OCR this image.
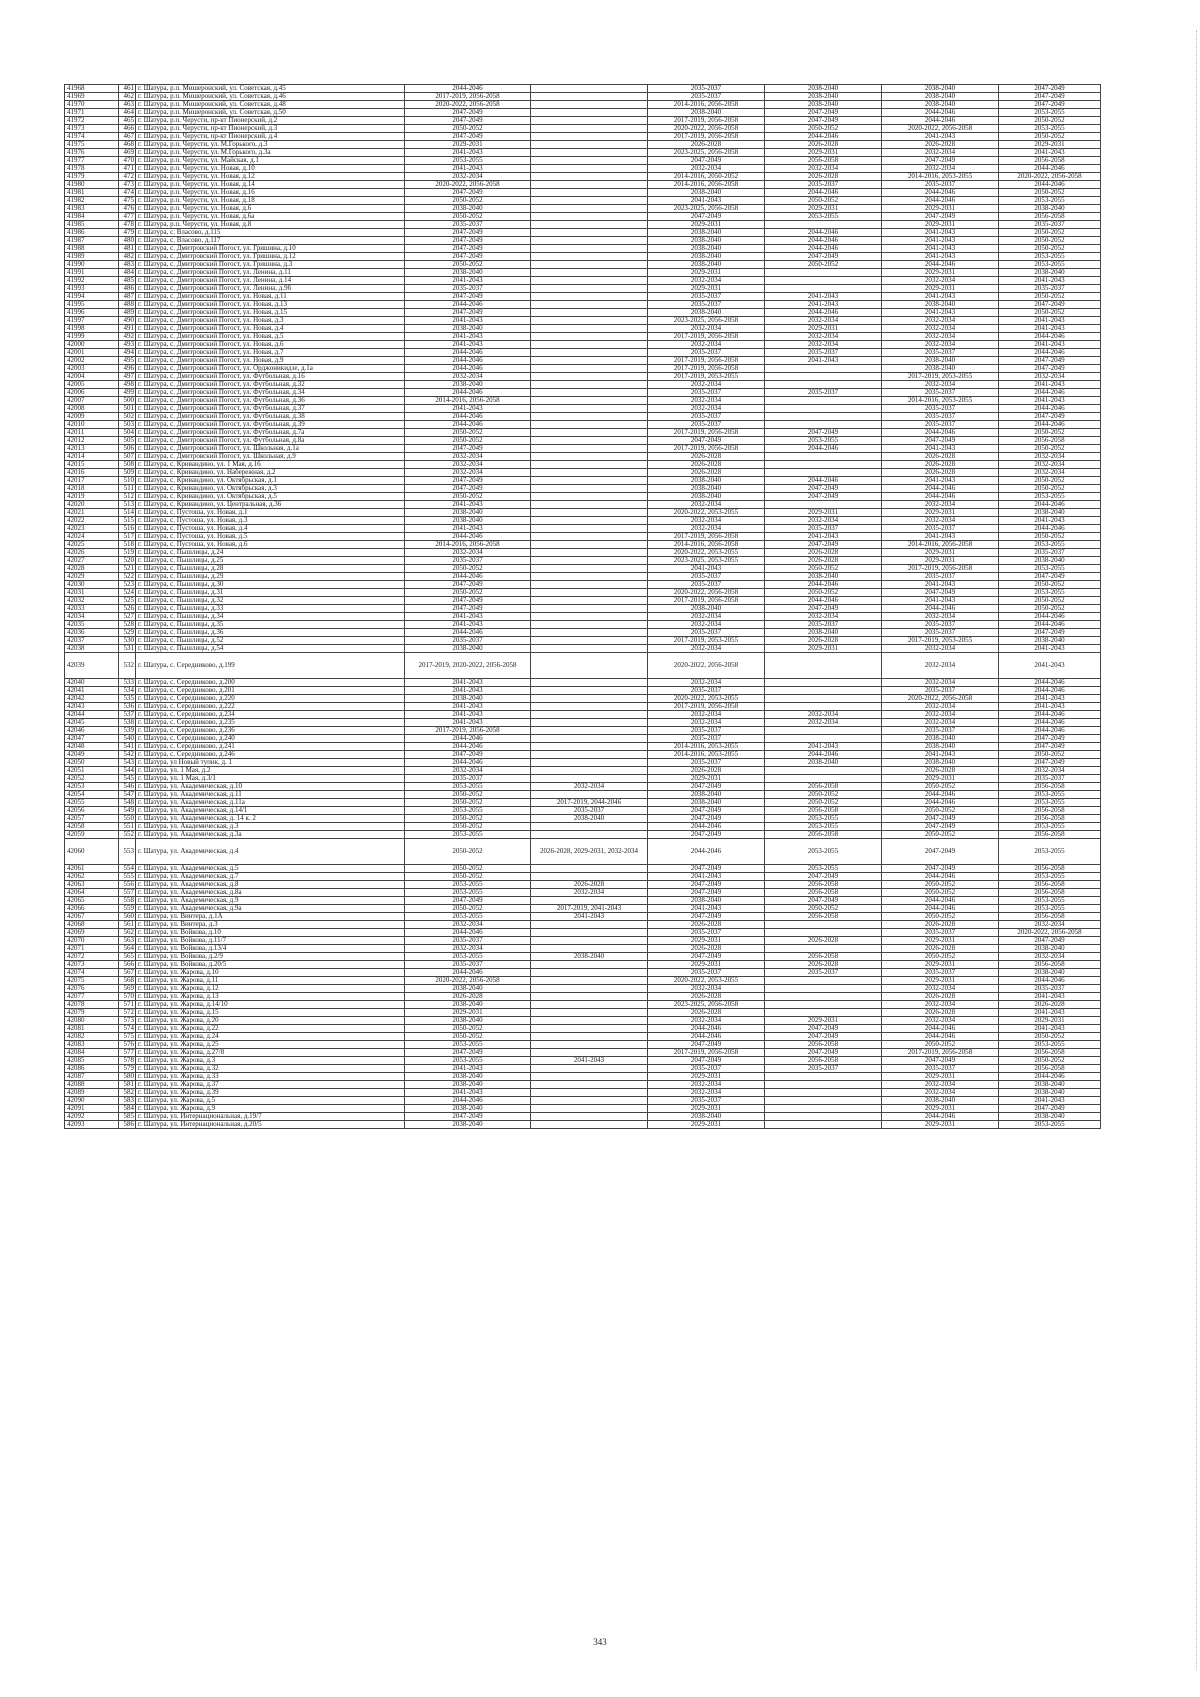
41968	461	г. Шатура, р.п. Мишеронский, ул. Советская, д.45	2044-2046		2035-2037	2038-2040	2038-2040	2047-2049
41969	462	г. Шатура, р.п. Мишеронский, ул. Советская, д.46	2017-2019, 2056-2058		2035-2037	2038-2040	2038-2040	2047-2049
41970	463	г. Шатура, р.п. Мишеронский, ул. Советская, д.48	2020-2022, 2056-2058		2014-2016, 2056-2058	2038-2040	2038-2040	2047-2049
41971	464	г. Шатура, р.п. Мишеронский, ул. Советская, д.50	2047-2049		2038-2040	2047-2049	2044-2046	2053-2055
41972	465	г. Шатура, р.п. Черусти, пр-кт Пионерский, д.2	2047-2049		2017-2019, 2056-2058	2047-2049	2044-2046	2050-2052
41973	466	г. Шатура, р.п. Черусти, пр-кт Пионерский, д.3	2050-2052		2020-2022, 2056-2058	2050-2052	2020-2022, 2056-2058	2053-2055
41974	467	г. Шатура, р.п. Черусти, пр-кт Пионерский, д.4	2047-2049		2017-2019, 2056-2058	2044-2046	2041-2043	2050-2052
41975	468	г. Шатура, р.п. Черусти, ул. М.Горького, д.3	2029-2031		2026-2028	2026-2028	2026-2028	2029-2031
41976	469	г. Шатура, р.п. Черусти, ул. М.Горького, д.3а	2041-2043		2023-2025, 2056-2058	2029-2031	2032-2034	2041-2043
41977	470	г. Шатура, р.п. Черусти, ул. Майская, д.1	2053-2055		2047-2049	2056-2058	2047-2049	2056-2058
41978	471	г. Шатура, р.п. Черусти, ул. Новая, д.10	2041-2043		2032-2034	2032-2034	2032-2034	2044-2046
41979	472	г. Шатура, р.п. Черусти, ул. Новая, д.12	2032-2034		2014-2016, 2050-2052	2026-2028	2014-2016, 2053-2055	2020-2022, 2056-2058
41980	473	г. Шатура, р.п. Черусти, ул. Новая, д.14	2020-2022, 2056-2058		2014-2016, 2056-2058	2035-2037	2035-2037	2044-2046
41981	474	г. Шатура, р.п. Черусти, ул. Новая, д.16	2047-2049		2038-2040	2044-2046	2044-2046	2050-2052
41982	475	г. Шатура, р.п. Черусти, ул. Новая, д.18	2050-2052		2041-2043	2050-2052	2044-2046	2053-2055
41983	476	г. Шатура, р.п. Черусти, ул. Новая, д.6	2038-2040		2023-2025, 2056-2058	2029-2031	2029-2031	2038-2040
41984	477	г. Шатура, р.п. Черусти, ул. Новая, д.6а	2050-2052		2047-2049	2053-2055	2047-2049	2056-2058
41985	478	г. Шатура, р.п. Черусти, ул. Новая, д.8	2035-2037		2029-2031		2029-2031	2035-2037
41986	479	г. Шатура, с. Власово, д.115	2047-2049		2038-2040	2044-2046	2041-2043	2050-2052
41987	480	г. Шатура, с. Власово, д.117	2047-2049		2038-2040	2044-2046	2041-2043	2050-2052
41988	481	г. Шатура, с. Дмитровский Погост, ул. Гришина, д.10	2047-2049		2038-2040	2044-2046	2041-2043	2050-2052
41989	482	г. Шатура, с. Дмитровский Погост, ул. Гришина, д.12	2047-2049		2038-2040	2047-2049	2041-2043	2053-2055
41990	483	г. Шатура, с. Дмитровский Погост, ул. Гришина, д.3	2050-2052		2038-2040	2050-2052	2044-2046	2053-2055
41991	484	г. Шатура, с. Дмитровский Погост, ул. Ленина, д.11	2038-2040		2029-2031		2029-2031	2038-2040
41992	485	г. Шатура, с. Дмитровский Погост, ул. Ленина, д.14	2041-2043		2032-2034		2032-2034	2041-2043
41993	486	г. Шатура, с. Дмитровский Погост, ул. Ленина, д.9б	2035-2037		2029-2031		2029-2031	2035-2037
41994	487	г. Шатура, с. Дмитровский Погост, ул. Новая, д.11	2047-2049		2035-2037	2041-2043	2041-2043	2050-2052
41995	488	г. Шатура, с. Дмитровский Погост, ул. Новая, д.13	2044-2046		2035-2037	2041-2043	2038-2040	2047-2049
41996	489	г. Шатура, с. Дмитровский Погост, ул. Новая, д.15	2047-2049		2038-2040	2044-2046	2041-2043	2050-2052
41997	490	г. Шатура, с. Дмитровский Погост, ул. Новая, д.3	2041-2043		2023-2025, 2056-2058	2032-2034	2032-2034	2041-2043
41998	491	г. Шатура, с. Дмитровский Погост, ул. Новая, д.4	2038-2040		2032-2034	2029-2031	2032-2034	2041-2043
41999	492	г. Шатура, с. Дмитровский Погост, ул. Новая, д.5	2041-2043		2017-2019, 2056-2058	2032-2034	2032-2034	2044-2046
42000	493	г. Шатура, с. Дмитровский Погост, ул. Новая, д.6	2041-2043		2032-2034	2032-2034	2032-2034	2041-2043
42001	494	г. Шатура, с. Дмитровский Погост, ул. Новая, д.7	2044-2046		2035-2037	2035-2037	2035-2037	2044-2046
42002	495	г. Шатура, с. Дмитровский Погост, ул. Новая, д.9	2044-2046		2017-2019, 2056-2058	2041-2043	2038-2040	2047-2049
42003	496	г. Шатура, с. Дмитровский Погост, ул. Орджоникидзе, д.1а	2044-2046		2017-2019, 2056-2058		2038-2040	2047-2049
42004	497	г. Шатура, с. Дмитровский Погост, ул. Футбольная, д.16	2032-2034		2017-2019, 2053-2055		2017-2019, 2053-2055	2032-2034
42005	498	г. Шатура, с. Дмитровский Погост, ул. Футбольная, д.32	2038-2040		2032-2034		2032-2034	2041-2043
42006	499	г. Шатура, с. Дмитровский Погост, ул. Футбольная, д.34	2044-2046		2035-2037	2035-2037	2035-2037	2044-2046
42007	500	г. Шатура, с. Дмитровский Погост, ул. Футбольная, д.36	2014-2016, 2056-2058		2032-2034		2014-2016, 2053-2055	2041-2043
42008	501	г. Шатура, с. Дмитровский Погост, ул. Футбольная, д.37	2041-2043		2032-2034		2035-2037	2044-2046
42009	502	г. Шатура, с. Дмитровский Погост, ул. Футбольная, д.38	2044-2046		2035-2037		2035-2037	2047-2049
42010	503	г. Шатура, с. Дмитровский Погост, ул. Футбольная, д.39	2044-2046		2035-2037		2035-2037	2044-2046
42011	504	г. Шатура, с. Дмитровский Погост, ул. Футбольная, д.7а	2050-2052		2017-2019, 2056-2058	2047-2049	2044-2046	2050-2052
42012	505	г. Шатура, с. Дмитровский Погост, ул. Футбольная, д.8а	2050-2052		2047-2049	2053-2055	2047-2049	2056-2058
42013	506	г. Шатура, с. Дмитровский Погост, ул. Школьная, д.1а	2047-2049		2017-2019, 2056-2058	2044-2046	2041-2043	2050-2052
42014	507	г. Шатура, с. Дмитровский Погост, ул. Школьная, д.9	2032-2034		2026-2028		2026-2028	2032-2034
42015	508	г. Шатура, с. Кривандино, ул. 1 Мая, д.16	2032-2034		2026-2028		2026-2028	2032-2034
42016	509	г. Шатура, с. Кривандино, ул. Набережная, д.2	2032-2034		2026-2028		2026-2028	2032-2034
42017	510	г. Шатура, с. Кривандино, ул. Октябрьская, д.1	2047-2049		2038-2040	2044-2046	2041-2043	2050-2052
42018	511	г. Шатура, с. Кривандино, ул. Октябрьская, д.3	2047-2049		2038-2040	2047-2049	2044-2046	2050-2052
42019	512	г. Шатура, с. Кривандино, ул. Октябрьская, д.5	2050-2052		2038-2040	2047-2049	2044-2046	2053-2055
42020	513	г. Шатура, с. Кривандино, ул. Центральная, д.36	2041-2043		2032-2034		2032-2034	2044-2046
42021	514	г. Шатура, с. Пустоша, ул. Новая, д.1	2038-2040		2020-2022, 2053-2055	2029-2031	2029-2031	2038-2040
42022	515	г. Шатура, с. Пустоша, ул. Новая, д.3	2038-2040		2032-2034	2032-2034	2032-2034	2041-2043
42023	516	г. Шатура, с. Пустоша, ул. Новая, д.4	2041-2043		2032-2034	2035-2037	2035-2037	2044-2046
42024	517	г. Шатура, с. Пустоша, ул. Новая, д.5	2044-2046		2017-2019, 2056-2058	2041-2043	2041-2043	2050-2052
42025	518	г. Шатура, с. Пустоша, ул. Новая, д.6	2014-2016, 2056-2058		2014-2016, 2056-2058	2047-2049	2014-2016, 2056-2058	2053-2055
42026	519	г. Шатура, с. Пышлицы, д.24	2032-2034		2020-2022, 2053-2055	2026-2028	2029-2031	2035-2037
42027	520	г. Шатура, с. Пышлицы, д.25	2035-2037		2023-2025, 2053-2055	2026-2028	2029-2031	2038-2040
42028	521	г. Шатура, с. Пышлицы, д.28	2050-2052		2041-2043	2050-2052	2017-2019, 2056-2058	2053-2055
42029	522	г. Шатура, с. Пышлицы, д.29	2044-2046		2035-2037	2038-2040	2035-2037	2047-2049
42030	523	г. Шатура, с. Пышлицы, д.30	2047-2049		2035-2037	2044-2046	2041-2043	2050-2052
42031	524	г. Шатура, с. Пышлицы, д.31	2050-2052		2020-2022, 2056-2058	2050-2052	2047-2049	2053-2055
42032	525	г. Шатура, с. Пышлицы, д.32	2047-2049		2017-2019, 2056-2058	2044-2046	2041-2043	2050-2052
42033	526	г. Шатура, с. Пышлицы, д.33	2047-2049		2038-2040	2047-2049	2044-2046	2050-2052
42034	527	г. Шатура, с. Пышлицы, д.34	2041-2043		2032-2034	2032-2034	2032-2034	2044-2046
42035	528	г. Шатура, с. Пышлицы, д.35	2041-2043		2032-2034	2035-2037	2035-2037	2044-2046
42036	529	г. Шатура, с. Пышлицы, д.36	2044-2046		2035-2037	2038-2040	2035-2037	2047-2049
42037	530	г. Шатура, с. Пышлицы, д.52	2035-2037		2017-2019, 2053-2055	2026-2028	2017-2019, 2053-2055	2038-2040
42038	531	г. Шатура, с. Пышлицы, д.54	2038-2040		2032-2034	2029-2031	2032-2034	2041-2043
42039	532	г. Шатура, с. Середниково, д.199	2017-2019, 2020-2022, 2056-2058		2020-2022, 2056-2058		2032-2034	2041-2043
42040	533	г. Шатура, с. Середниково, д.200	2041-2043		2032-2034		2032-2034	2044-2046
42041	534	г. Шатура, с. Середниково, д.201	2041-2043		2035-2037		2035-2037	2044-2046
42042	535	г. Шатура, с. Середниково, д.220	2038-2040		2020-2022, 2053-2055		2020-2022, 2056-2058	2041-2043
42043	536	г. Шатура, с. Середниково, д.222	2041-2043		2017-2019, 2056-2058		2032-2034	2041-2043
42044	537	г. Шатура, с. Середниково, д.234	2041-2043		2032-2034	2032-2034	2032-2034	2044-2046
42045	538	г. Шатура, с. Середниково, д.235	2041-2043		2032-2034	2032-2034	2032-2034	2044-2046
42046	539	г. Шатура, с. Середниково, д.236	2017-2019, 2056-2058		2035-2037		2035-2037	2044-2046
42047	540	г. Шатура, с. Середниково, д.240	2044-2046		2035-2037		2038-2040	2047-2049
42048	541	г. Шатура, с. Середниково, д.241	2044-2046		2014-2016, 2053-2055	2041-2043	2038-2040	2047-2049
42049	542	г. Шатура, с. Середниково, д.246	2047-2049		2014-2016, 2053-2055	2044-2046	2041-2043	2050-2052
42050	543	г. Шатура, ул Новый тупик, д. 1	2044-2046		2035-2037	2038-2040	2038-2040	2047-2049
42051	544	г. Шатура, ул. 1 Мая, д.2	2032-2034		2026-2028		2026-2028	2032-2034
42052	545	г. Шатура, ул. 1 Мая, д.3/1	2035-2037		2029-2031		2029-2031	2035-2037
42053	546	г. Шатура, ул. Академическая, д.10	2053-2055	2032-2034	2047-2049	2056-2058	2050-2052	2056-2058
42054	547	г. Шатура, ул. Академическая, д.11	2050-2052		2038-2040	2050-2052	2044-2046	2053-2055
42055	548	г. Шатура, ул. Академическая, д.11а	2050-2052	2017-2019, 2044-2046	2038-2040	2050-2052	2044-2046	2053-2055
42056	549	г. Шатура, ул. Академическая, д.14/1	2053-2055	2035-2037	2047-2049	2056-2058	2050-2052	2056-2058
42057	550	г. Шатура, ул. Академическая, д. 14 к. 2	2050-2052	2038-2040	2047-2049	2053-2055	2047-2049	2056-2058
42058	551	г. Шатура, ул. Академическая, д.3	2050-2052		2044-2046	2053-2055	2047-2049	2053-2055
42059	552	г. Шатура, ул. Академическая, д.3а	2053-2055		2047-2049	2056-2058	2050-2052	2056-2058
42060	553	г. Шатура, ул. Академическая, д.4	2050-2052	2026-2028, 2029-2031, 2032-2034	2044-2046	2053-2055	2047-2049	2053-2055
42061	554	г. Шатура, ул. Академическая, д.5	2050-2052		2047-2049	2053-2055	2047-2049	2056-2058
42062	555	г. Шатура, ул. Академическая, д.7	2050-2052		2041-2043	2047-2049	2044-2046	2053-2055
42063	556	г. Шатура, ул. Академическая, д.8	2053-2055	2026-2028	2047-2049	2056-2058	2050-2052	2056-2058
42064	557	г. Шатура, ул. Академическая, д.8а	2053-2055	2032-2034	2047-2049	2056-2058	2050-2052	2056-2058
42065	558	г. Шатура, ул. Академическая, д.9	2047-2049		2038-2040	2047-2049	2044-2046	2053-2055
42066	559	г. Шатура, ул. Академическая, д.9а	2050-2052	2017-2019, 2041-2043	2041-2043	2050-2052	2044-2046	2053-2055
42067	560	г. Шатура, ул. Винтера, д.1А	2053-2055	2041-2043	2047-2049	2056-2058	2050-2052	2056-2058
42068	561	г. Шатура, ул. Винтера, д.3	2032-2034		2026-2028		2026-2028	2032-2034
42069	562	г. Шатура, ул. Войкова, д.10	2044-2046		2035-2037		2035-2037	2020-2022, 2056-2058
42070	563	г. Шатура, ул. Войкова, д.11/7	2035-2037		2029-2031	2026-2028	2029-2031	2047-2049
42071	564	г. Шатура, ул. Войкова, д.13/4	2032-2034		2026-2028		2026-2028	2038-2040
42072	565	г. Шатура, ул. Войкова, д.2/9	2053-2055	2038-2040	2047-2049	2056-2058	2050-2052	2032-2034
42073	566	г. Шатура, ул. Войкова, д.20/5	2035-2037		2029-2031	2026-2028	2029-2031	2056-2058
42074	567	г. Шатура, ул. Жарова, д.10	2044-2046		2035-2037	2035-2037	2035-2037	2038-2040
42075	568	г. Шатура, ул. Жарова, д.11	2020-2022, 2056-2058		2020-2022, 2053-2055		2029-2031	2044-2046
42076	569	г. Шатура, ул. Жарова, д.12	2038-2040		2032-2034		2032-2034	2035-2037
42077	570	г. Шатура, ул. Жарова, д.13	2026-2028		2026-2028		2026-2028	2041-2043
42078	571	г. Шатура, ул. Жарова, д.14/10	2038-2040		2023-2025, 2056-2058		2032-2034	2026-2028
42079	572	г. Шатура, ул. Жарова, д.15	2029-2031		2026-2028		2026-2028	2041-2043
42080	573	г. Шатура, ул. Жарова, д.20	2038-2040		2032-2034	2029-2031	2032-2034	2029-2031
42081	574	г. Шатура, ул. Жарова, д.22	2050-2052		2044-2046	2047-2049	2044-2046	2041-2043
42082	575	г. Шатура, ул. Жарова, д.24	2050-2052		2044-2046	2047-2049	2044-2046	2050-2052
42083	576	г. Шатура, ул. Жарова, д.25	2053-2055		2047-2049	2056-2058	2050-2052	2053-2055
42084	577	г. Шатура, ул. Жарова, д.27/8	2047-2049		2017-2019, 2056-2058	2047-2049	2017-2019, 2056-2058	2056-2058
42085	578	г. Шатура, ул. Жарова, д.3	2053-2055	2041-2043	2047-2049	2056-2058	2047-2049	2050-2052
42086	579	г. Шатура, ул. Жарова, д.32	2041-2043		2035-2037	2035-2037	2035-2037	2056-2058
42087	580	г. Шатура, ул. Жарова, д.33	2038-2040		2029-2031		2029-2031	2044-2046
42088	581	г. Шатура, ул. Жарова, д.37	2038-2040		2032-2034		2032-2034	2038-2040
42089	582	г. Шатура, ул. Жарова, д.39	2041-2043		2032-2034		2032-2034	2038-2040
42090	583	г. Шатура, ул. Жарова, д.5	2044-2046		2035-2037		2038-2040	2041-2043
42091	584	г. Шатура, ул. Жарова, д.9	2038-2040		2029-2031		2029-2031	2047-2049
42092	585	г. Шатура, ул. Интернациональная, д.19/7	2047-2049		2038-2040		2044-2046	2038-2040
42093	586	г. Шатура, ул. Интернациональная, д.20/5	2038-2040		2029-2031		2029-2031	2053-2055
343
